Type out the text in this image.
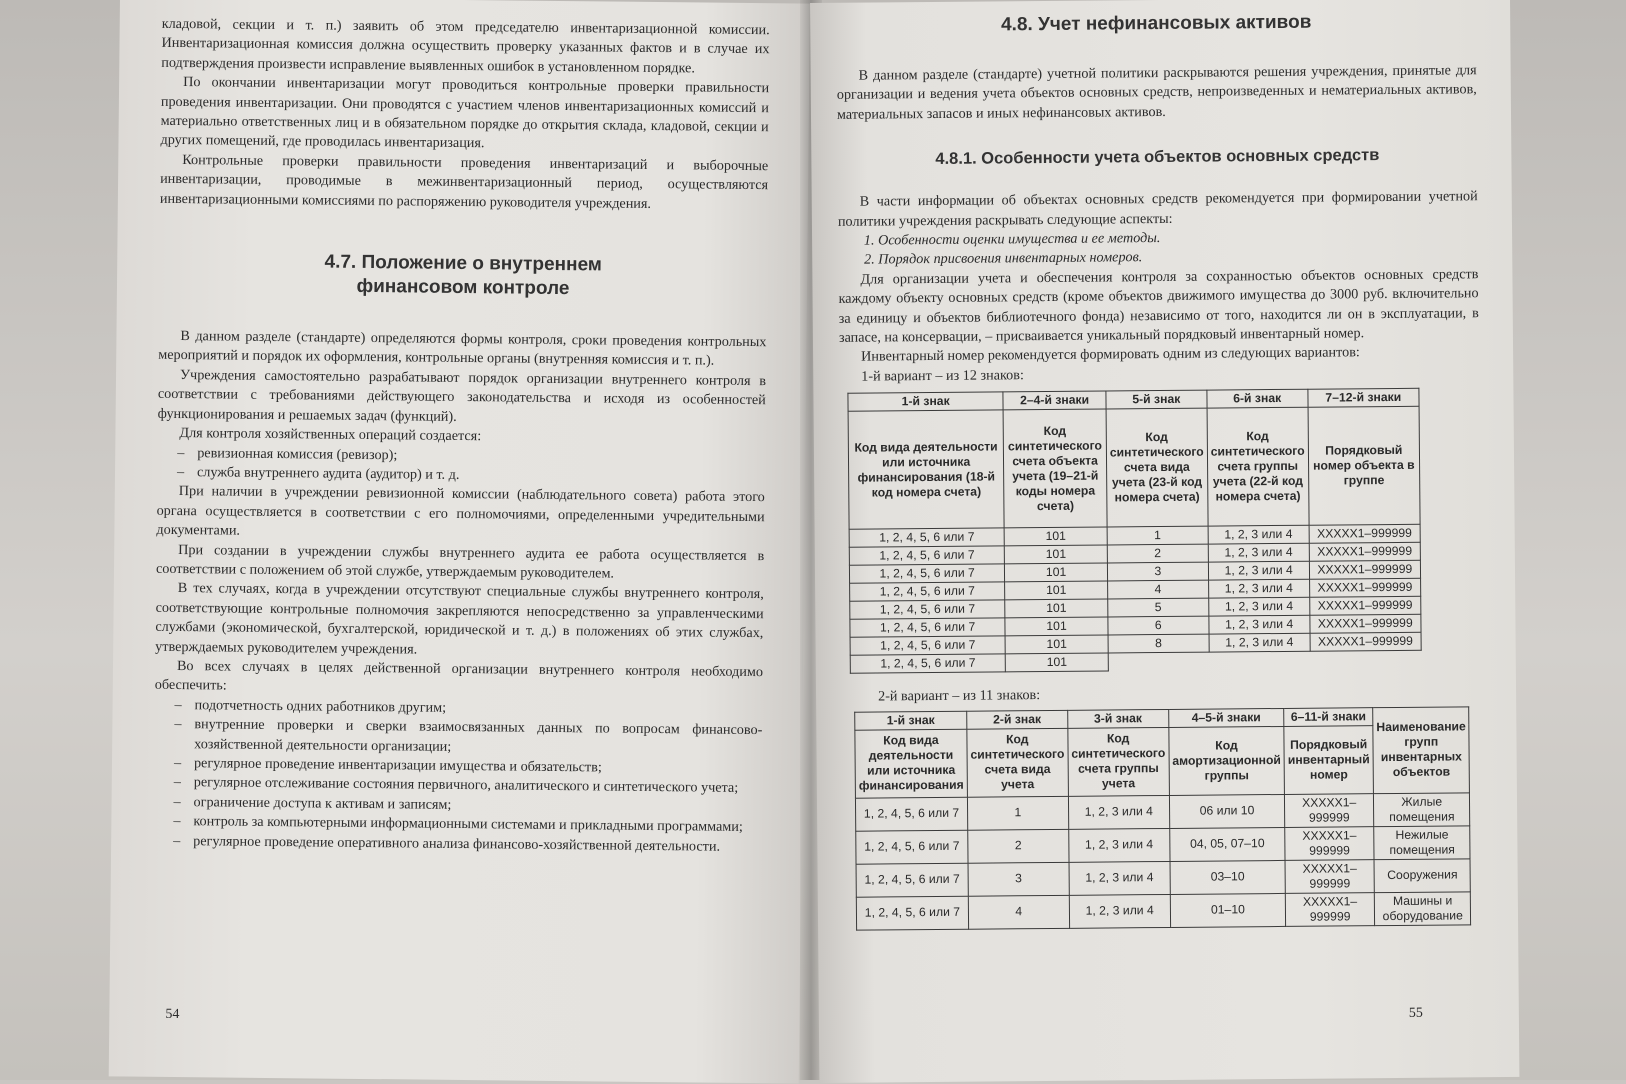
кладовой, секции и т. п.) заявить об этом председателю инвентаризационной комиссии. Инвентаризационная комиссия должна осуществить проверку указанных фактов и в случае их подтверждения произвести исправление выявленных ошибок в установленном порядке.

По окончании инвентаризации могут проводиться контрольные проверки правильности проведения инвентаризации. Они проводятся с участием членов инвентаризационных комиссий и материально ответственных лиц и в обязательном порядке до открытия склада, кладовой, секции и других помещений, где проводилась инвентаризация.

Контрольные проверки правильности проведения инвентаризаций и выборочные инвентаризации, проводимые в межинвентаризационный период, осуществляются инвентаризационными комиссиями по распоряжению руководителя учреждения.

4.7. Положение о внутреннем
финансовом контроле

В данном разделе (стандарте) определяются формы контроля, сроки проведения контрольных мероприятий и порядок их оформления, контрольные органы (внутренняя комиссия и т. п.).

Учреждения самостоятельно разрабатывают порядок организации внутреннего контроля в соответствии с требованиями действующего законодательства и исходя из особенностей функционирования и решаемых задач (функций).

Для контроля хозяйственных операций создается:

– ревизионная комиссия (ревизор);
– служба внутреннего аудита (аудитор) и т. д.

При наличии в учреждении ревизионной комиссии (наблюдательного совета) работа этого органа осуществляется в соответствии с его полномочиями, определенными учредительными документами.

При создании в учреждении службы внутреннего аудита ее работа осуществляется в соответствии с положением об этой службе, утверждаемым руководителем.

В тех случаях, когда в учреждении отсутствуют специальные службы внутреннего контроля, соответствующие контрольные полномочия закрепляются непосредственно за управленческими службами (экономической, бухгалтерской, юридической и т. д.) в положениях об этих службах, утверждаемых руководителем учреждения.

Во всех случаях в целях действенной организации внутреннего контроля необходимо обеспечить:

– подотчетность одних работников другим;
– внутренние проверки и сверки взаимосвязанных данных по вопросам финансово-хозяйственной деятельности организации;
– регулярное проведение инвентаризации имущества и обязательств;
– регулярное отслеживание состояния первичного, аналитического и синтетического учета;
– ограничение доступа к активам и записям;
– контроль за компьютерными информационными системами и прикладными программами;
– регулярное проведение оперативного анализа финансово-хозяйственной деятельности.
54
4.8. Учет нефинансовых активов

В данном разделе (стандарте) учетной политики раскрываются решения учреждения, принятые для организации и ведения учета объектов основных средств, непроизведенных и нематериальных активов, материальных запасов и иных нефинансовых активов.

4.8.1. Особенности учета объектов основных средств

В части информации об объектах основных средств рекомендуется при формировании учетной политики учреждения раскрывать следующие аспекты:

1. Особенности оценки имущества и ее методы.
2. Порядок присвоения инвентарных номеров.

Для организации учета и обеспечения контроля за сохранностью объектов основных средств каждому объекту основных средств (кроме объектов движимого имущества до 3000 руб. включительно за единицу и объектов библиотечного фонда) независимо от того, находится ли он в эксплуатации, в запасе, на консервации, – присваивается уникальный порядковый инвентарный номер.

Инвентарный номер рекомендуется формировать одним из следующих вариантов:

1-й вариант – из 12 знаков:

1-й знак	2–4-й знаки	5-й знак	6-й знак	7–12-й знаки
Код вида деятельности или источника финансирования (18-й код номера счета)	Код синтетического счета объекта учета (19–21-й коды номера счета)	Код синтетического счета вида учета (23-й код номера счета)	Код синтетического счета группы учета (22-й код номера счета)	Порядковый номер объекта в группе
1, 2, 4, 5, 6 или 7	101	1	1, 2, 3 или 4	XXXXX1–999999
1, 2, 4, 5, 6 или 7	101	2	1, 2, 3 или 4	XXXXX1–999999
1, 2, 4, 5, 6 или 7	101	3	1, 2, 3 или 4	XXXXX1–999999
1, 2, 4, 5, 6 или 7	101	4	1, 2, 3 или 4	XXXXX1–999999
1, 2, 4, 5, 6 или 7	101	5	1, 2, 3 или 4	XXXXX1–999999
1, 2, 4, 5, 6 или 7	101	6	1, 2, 3 или 4	XXXXX1–999999
1, 2, 4, 5, 6 или 7	101	8	1, 2, 3 или 4	XXXXX1–999999
1, 2, 4, 5, 6 или 7	101			

2-й вариант – из 11 знаков:

1-й знак	2-й знак	3-й знак	4–5-й знаки	6–11-й знаки	Наименование групп инвентарных объектов
Код вида деятельности или источника финансирования	Код синтетического счета вида учета	Код синтетического счета группы учета	Код амортизационной группы	Порядковый инвентарный номер	
1, 2, 4, 5, 6 или 7	1	1, 2, 3 или 4	06 или 10	XXXXX1–999999	Жилые помещения
1, 2, 4, 5, 6 или 7	2	1, 2, 3 или 4	04, 05, 07–10	XXXXX1–999999	Нежилые помещения
1, 2, 4, 5, 6 или 7	3	1, 2, 3 или 4	03–10	XXXXX1–999999	Сооружения
1, 2, 4, 5, 6 или 7	4	1, 2, 3 или 4	01–10	XXXXX1–999999	Машины и оборудование
55
